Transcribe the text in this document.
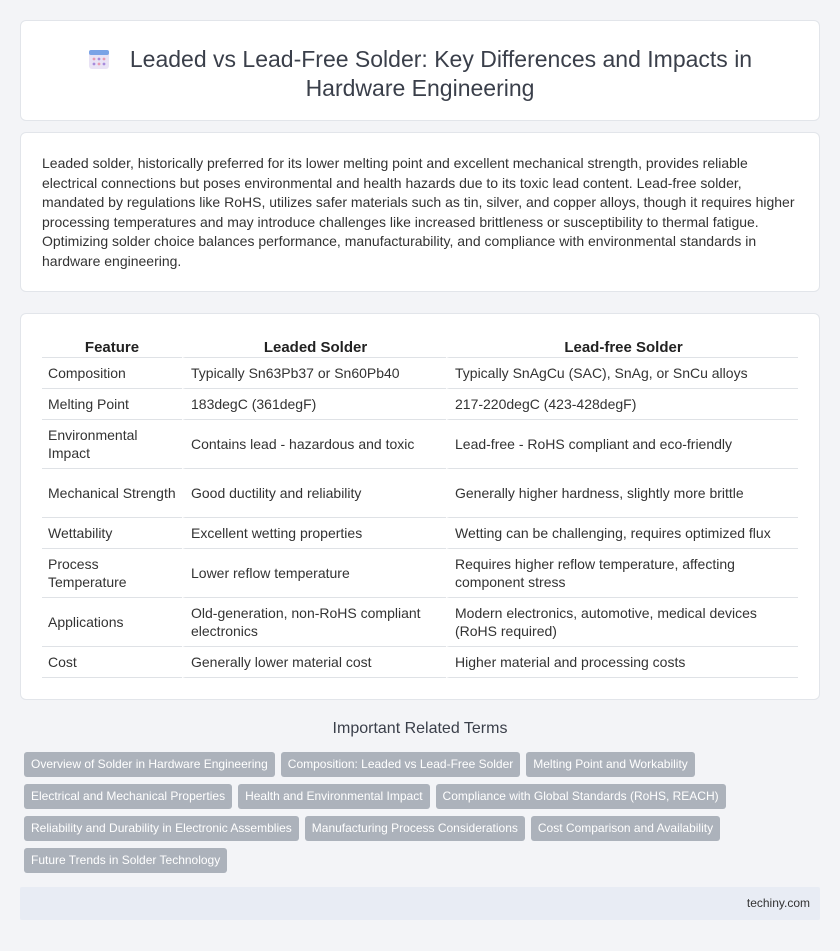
Leaded vs Lead-Free Solder: Key Differences and Impacts in Hardware Engineering

Leaded solder, historically preferred for its lower melting point and excellent mechanical strength, provides reliable electrical connections but poses environmental and health hazards due to its toxic lead content. Lead-free solder, mandated by regulations like RoHS, utilizes safer materials such as tin, silver, and copper alloys, though it requires higher processing temperatures and may introduce challenges like increased brittleness or susceptibility to thermal fatigue. Optimizing solder choice balances performance, manufacturability, and compliance with environmental standards in hardware engineering.

Feature	Leaded Solder	Lead-free Solder
Composition	Typically Sn63Pb37 or Sn60Pb40	Typically SnAgCu (SAC), SnAg, or SnCu alloys
Melting Point	183degC (361degF)	217-220degC (423-428degF)
Environmental Impact	Contains lead - hazardous and toxic	Lead-free - RoHS compliant and eco-friendly
Mechanical Strength	Good ductility and reliability	Generally higher hardness, slightly more brittle
Wettability	Excellent wetting properties	Wetting can be challenging, requires optimized flux
Process Temperature	Lower reflow temperature	Requires higher reflow temperature, affecting component stress
Applications	Old-generation, non-RoHS compliant electronics	Modern electronics, automotive, medical devices (RoHS required)
Cost	Generally lower material cost	Higher material and processing costs
Important Related Terms
Overview of Solder in Hardware Engineering Composition: Leaded vs Lead-Free Solder Melting Point and Workability
Electrical and Mechanical Properties Health and Environmental Impact Compliance with Global Standards (RoHS, REACH)
Reliability and Durability in Electronic Assemblies Manufacturing Process Considerations Cost Comparison and Availability
Future Trends in Solder Technology
techiny.com
